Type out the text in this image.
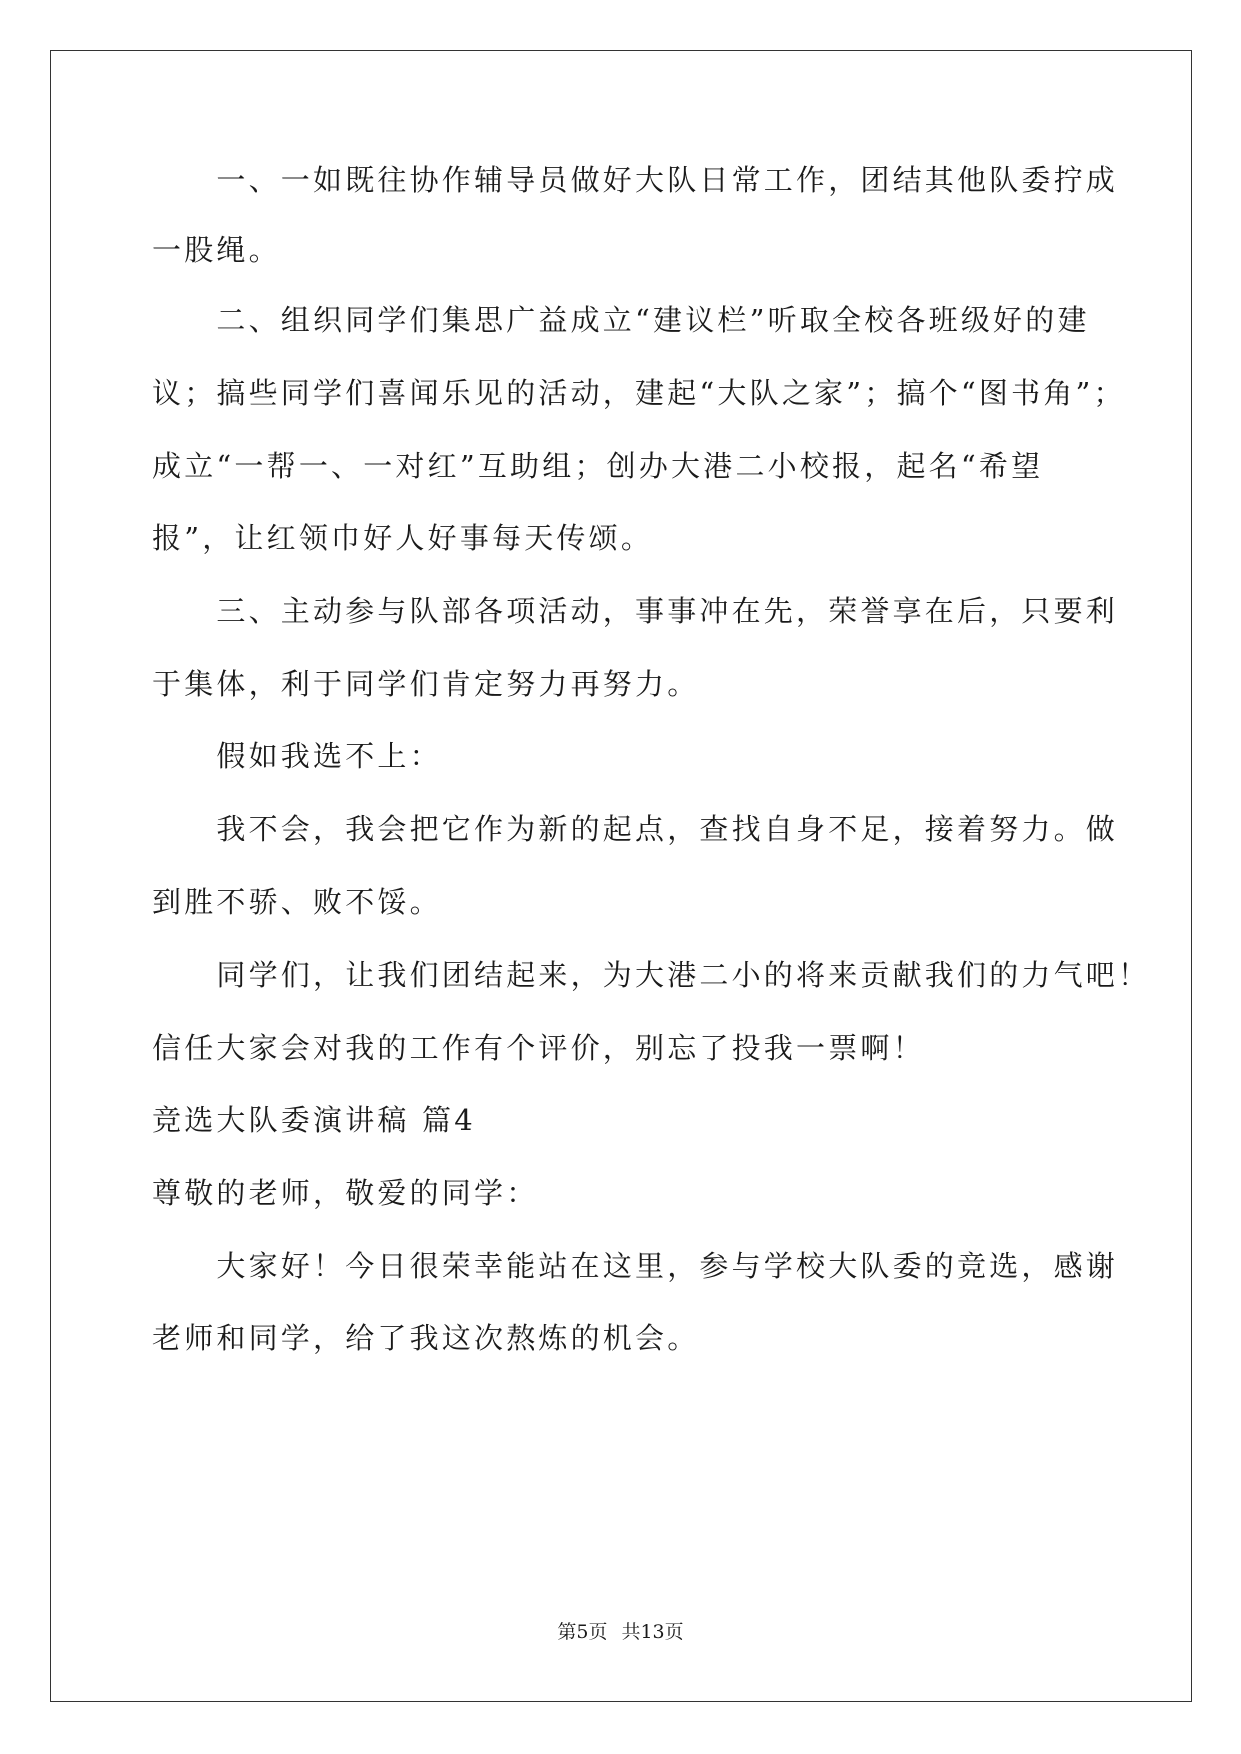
　　一、一如既往协作辅导员做好大队日常工作，团结其他队委拧成
一股绳。
　　二、组织同学们集思广益成立“建议栏”听取全校各班级好的建
议；搞些同学们喜闻乐见的活动，建起“大队之家”；搞个“图书角”；
成立“一帮一、一对红”互助组；创办大港二小校报，起名“希望
报”，让红领巾好人好事每天传颂。
　　三、主动参与队部各项活动，事事冲在先，荣誉享在后，只要利
于集体，利于同学们肯定努力再努力。
　　假如我选不上：
　　我不会，我会把它作为新的起点，查找自身不足，接着努力。做
到胜不骄、败不馁。
　　同学们，让我们团结起来，为大港二小的将来贡献我们的力气吧！
信任大家会对我的工作有个评价，别忘了投我一票啊！
竞选大队委演讲稿 篇4
尊敬的老师，敬爱的同学：
　　大家好！今日很荣幸能站在这里，参与学校大队委的竞选，感谢
老师和同学，给了我这次熬炼的机会。
第5页 共13页
